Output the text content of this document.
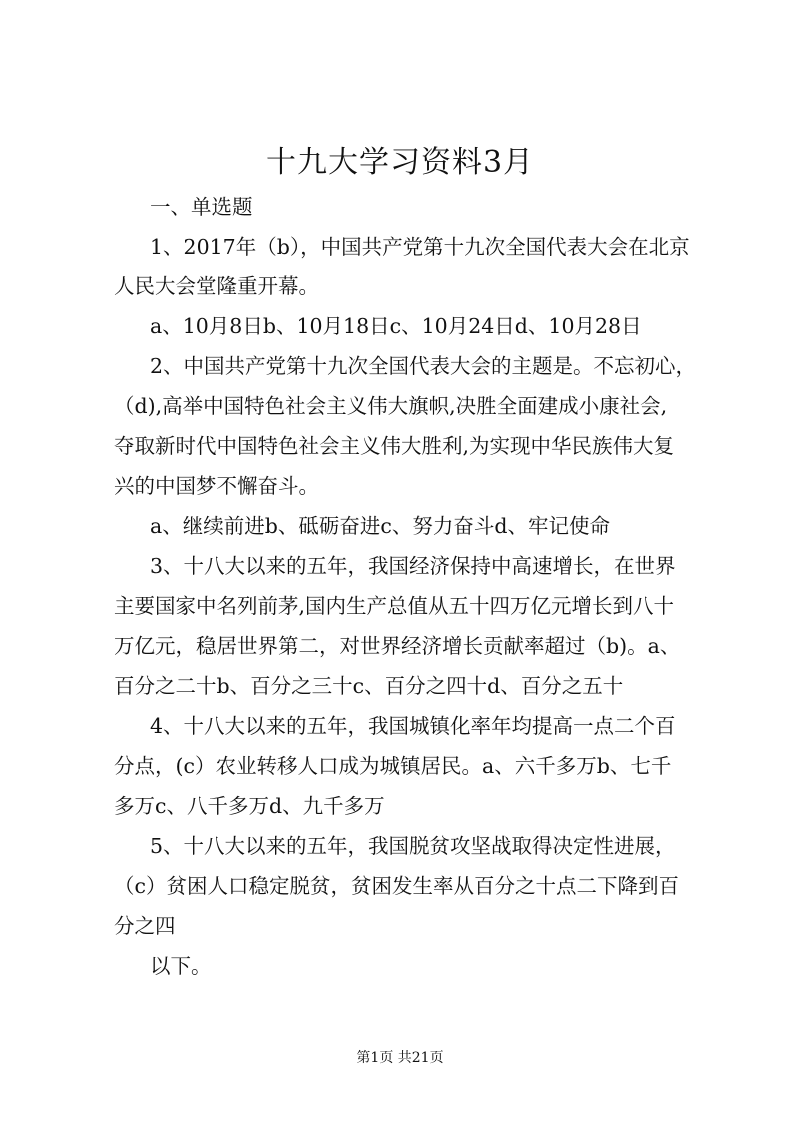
十九大学习资料3月
一、单选题
1、2017年（b），中国共产党第十九次全国代表大会在北京
人民大会堂隆重开幕。
a、10月8日b、10月18日c、10月24日d、10月28日
2、中国共产党第十九次全国代表大会的主题是。不忘初心，
（d),高举中国特色社会主义伟大旗帜,决胜全面建成小康社会,
夺取新时代中国特色社会主义伟大胜利,为实现中华民族伟大复
兴的中国梦不懈奋斗。
a、继续前进b、砥砺奋进c、努力奋斗d、牢记使命
3、十八大以来的五年，我国经济保持中高速增长，在世界
主要国家中名列前茅,国内生产总值从五十四万亿元增长到八十
万亿元，稳居世界第二，对世界经济增长贡献率超过（b)。a、
百分之二十b、百分之三十c、百分之四十d、百分之五十
4、十八大以来的五年，我国城镇化率年均提高一点二个百
分点，(c）农业转移人口成为城镇居民。a、六千多万b、七千
多万c、八千多万d、九千多万
5、十八大以来的五年，我国脱贫攻坚战取得决定性进展，
（c）贫困人口稳定脱贫，贫困发生率从百分之十点二下降到百
分之四
以下。
第1页 共21页
